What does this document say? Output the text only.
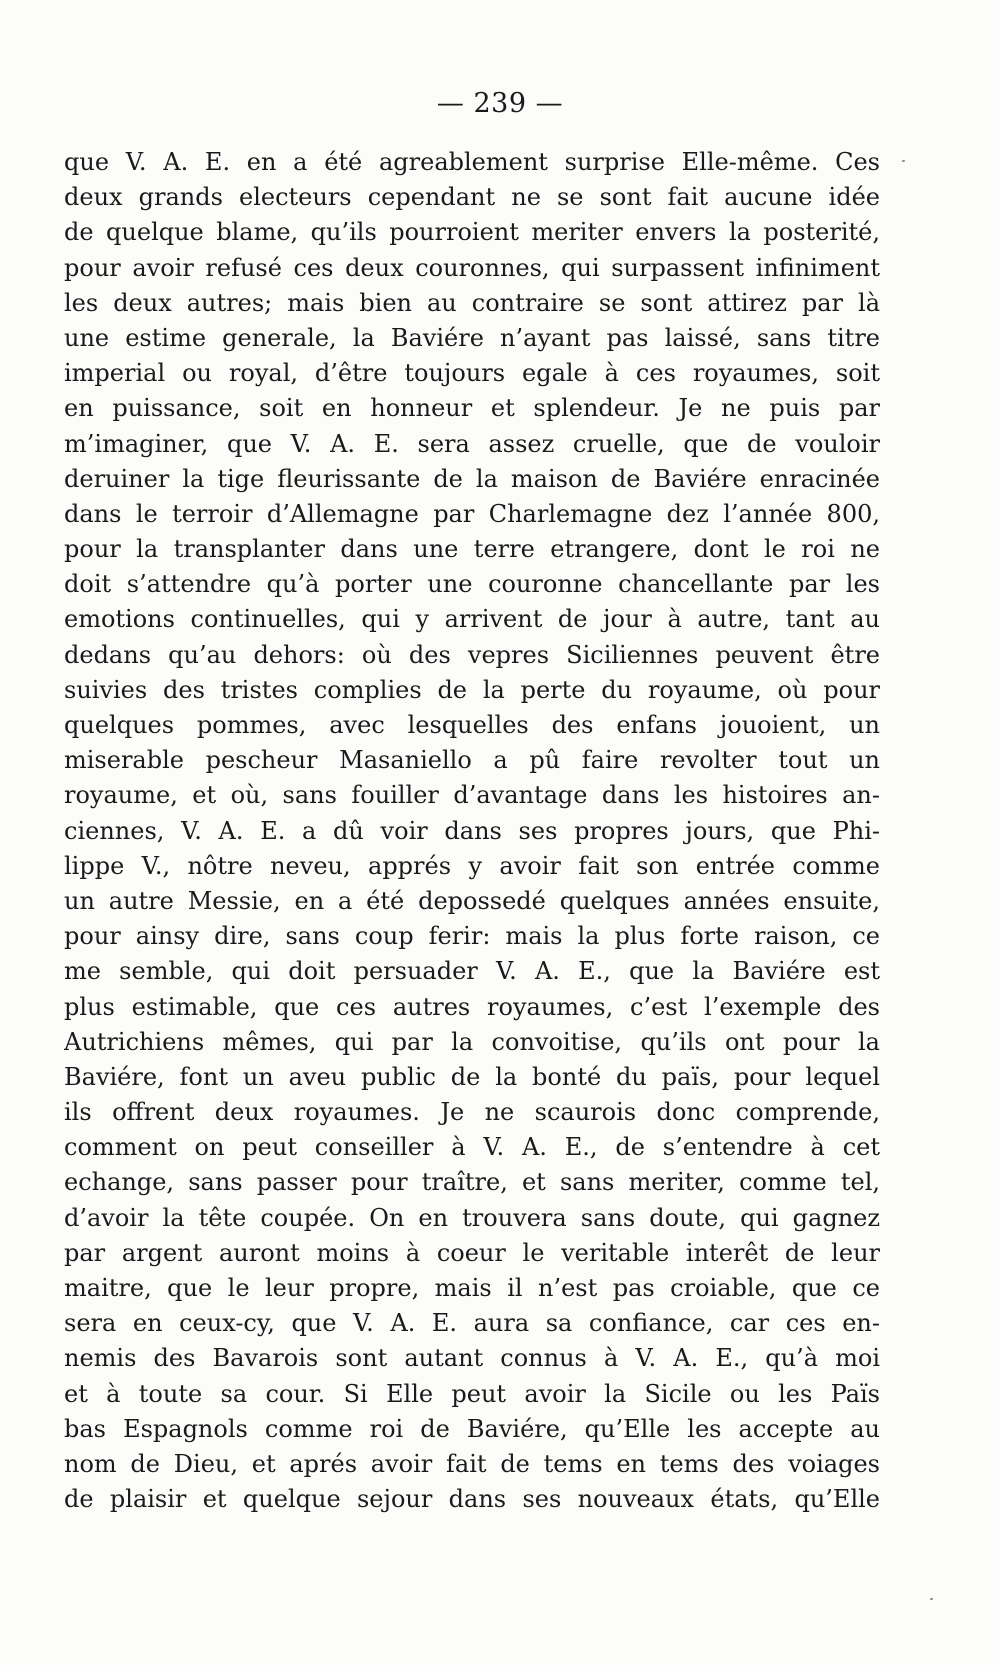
— 239 —
que V. A. E. en a été agreablement surprise Elle-même. Ces
deux grands electeurs cependant ne se sont fait aucune idée
de quelque blame, qu’ils pourroient meriter envers la posterité,
pour avoir refusé ces deux couronnes, qui surpassent infiniment
les deux autres; mais bien au contraire se sont attirez par là
une estime generale, la Baviére n’ayant pas laissé, sans titre
imperial ou royal, d’être toujours egale à ces royaumes, soit
en puissance, soit en honneur et splendeur. Je ne puis par
m’imaginer, que V. A. E. sera assez cruelle, que de vouloir
deruiner la tige fleurissante de la maison de Baviére enracinée
dans le terroir d’Allemagne par Charlemagne dez l’année 800,
pour la transplanter dans une terre etrangere, dont le roi ne
doit s’attendre qu’à porter une couronne chancellante par les
emotions continuelles, qui y arrivent de jour à autre, tant au
dedans qu’au dehors: où des vepres Siciliennes peuvent être
suivies des tristes complies de la perte du royaume, où pour
quelques pommes, avec lesquelles des enfans jouoient, un
miserable pescheur Masaniello a pû faire revolter tout un
royaume, et où, sans fouiller d’avantage dans les histoires an-
ciennes, V. A. E. a dû voir dans ses propres jours, que Phi-
lippe V., nôtre neveu, apprés y avoir fait son entrée comme
un autre Messie, en a été depossedé quelques années ensuite,
pour ainsy dire, sans coup ferir: mais la plus forte raison, ce
me semble, qui doit persuader V. A. E., que la Baviére est
plus estimable, que ces autres royaumes, c’est l’exemple des
Autrichiens mêmes, qui par la convoitise, qu’ils ont pour la
Baviére, font un aveu public de la bonté du païs, pour lequel
ils offrent deux royaumes. Je ne scaurois donc comprende,
comment on peut conseiller à V. A. E., de s’entendre à cet
echange, sans passer pour traître, et sans meriter, comme tel,
d’avoir la tête coupée. On en trouvera sans doute, qui gagnez
par argent auront moins à coeur le veritable interêt de leur
maitre, que le leur propre, mais il n’est pas croiable, que ce
sera en ceux-cy, que V. A. E. aura sa confiance, car ces en-
nemis des Bavarois sont autant connus à V. A. E., qu’à moi
et à toute sa cour. Si Elle peut avoir la Sicile ou les Païs
bas Espagnols comme roi de Baviére, qu’Elle les accepte au
nom de Dieu, et aprés avoir fait de tems en tems des voiages
de plaisir et quelque sejour dans ses nouveaux états, qu’Elle
